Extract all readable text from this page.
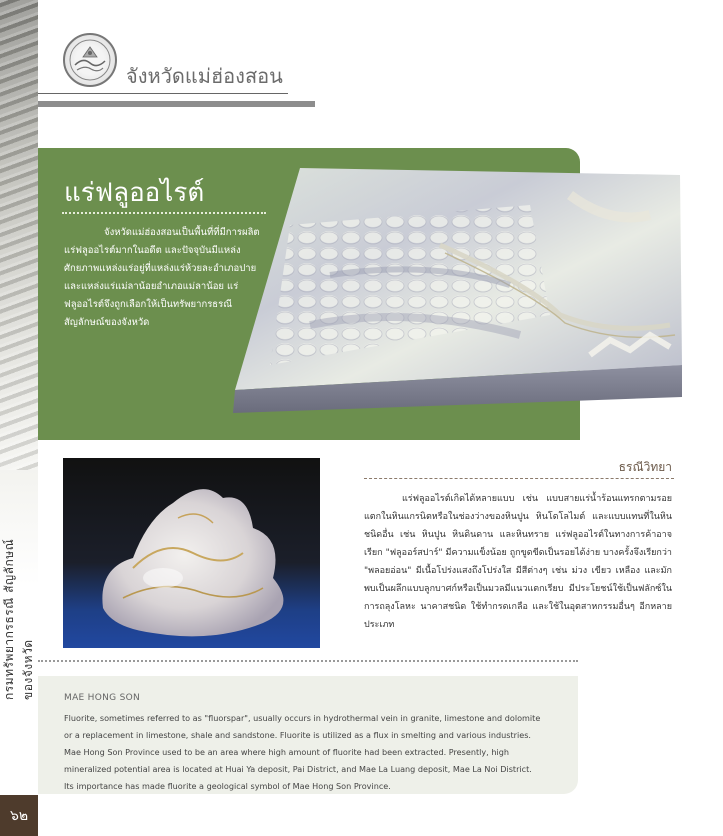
กรมทรัพยากรธรณี สัญลักษณ์ของจังหวัด
๖๒
จังหวัดแม่ฮ่องสอน
แร่ฟลูออไรต์
จังหวัดแม่ฮ่องสอนเป็นพื้นที่ที่มีการผลิตแร่ฟลูออไรต์มากในอดีต และปัจจุบันมีแหล่งศักยภาพแหล่งแร่อยู่ที่แหล่งแร่ห้วยละอำเภอปาย และแหล่งแร่แม่ลาน้อยอำเภอแม่ลาน้อย แร่ฟลูออไรต์จึงถูกเลือกให้เป็นทรัพยากรธรณีสัญลักษณ์ของจังหวัด
ธรณีวิทยา
แร่ฟลูออไรต์เกิดได้หลายแบบ เช่น แบบสายแร่น้ำร้อนแทรกตามรอยแตกในหินแกรนิตหรือในช่องว่างของหินปูน หินโดโลไมต์ และแบบแทนที่ในหินชนิดอื่น เช่น หินปูน หินดินดาน และหินทราย แร่ฟลูออไรต์ในทางการค้าอาจเรียก "ฟลูออร์สปาร์" มีความแข็งน้อย ถูกขูดขีดเป็นรอยได้ง่าย บางครั้งจึงเรียกว่า "พลอยอ่อน" มีเนื้อโปร่งแสงถึงโปร่งใส มีสีต่างๆ เช่น ม่วง เขียว เหลือง และมักพบเป็นผลึกแบบลูกบาศก์หรือเป็นมวลมีแนวแตกเรียบ มีประโยชน์ใช้เป็นฟลักซ์ในการถลุงโลหะ นาคาสชนิด ใช้ทำกรดเกลือ และใช้ในอุตสาหกรรมอื่นๆ อีกหลายประเภท
MAE HONG SON
Fluorite, sometimes referred to as "fluorspar", usually occurs in hydrothermal vein in granite, limestone and dolomite or a replacement in limestone, shale and sandstone. Fluorite is utilized as a flux in smelting and various industries. Mae Hong Son Province used to be an area where high amount of fluorite had been extracted. Presently, high mineralized potential area is located at Huai Ya deposit, Pai District, and Mae La Luang deposit, Mae La Noi District. Its importance has made fluorite a geological symbol of Mae Hong Son Province.
